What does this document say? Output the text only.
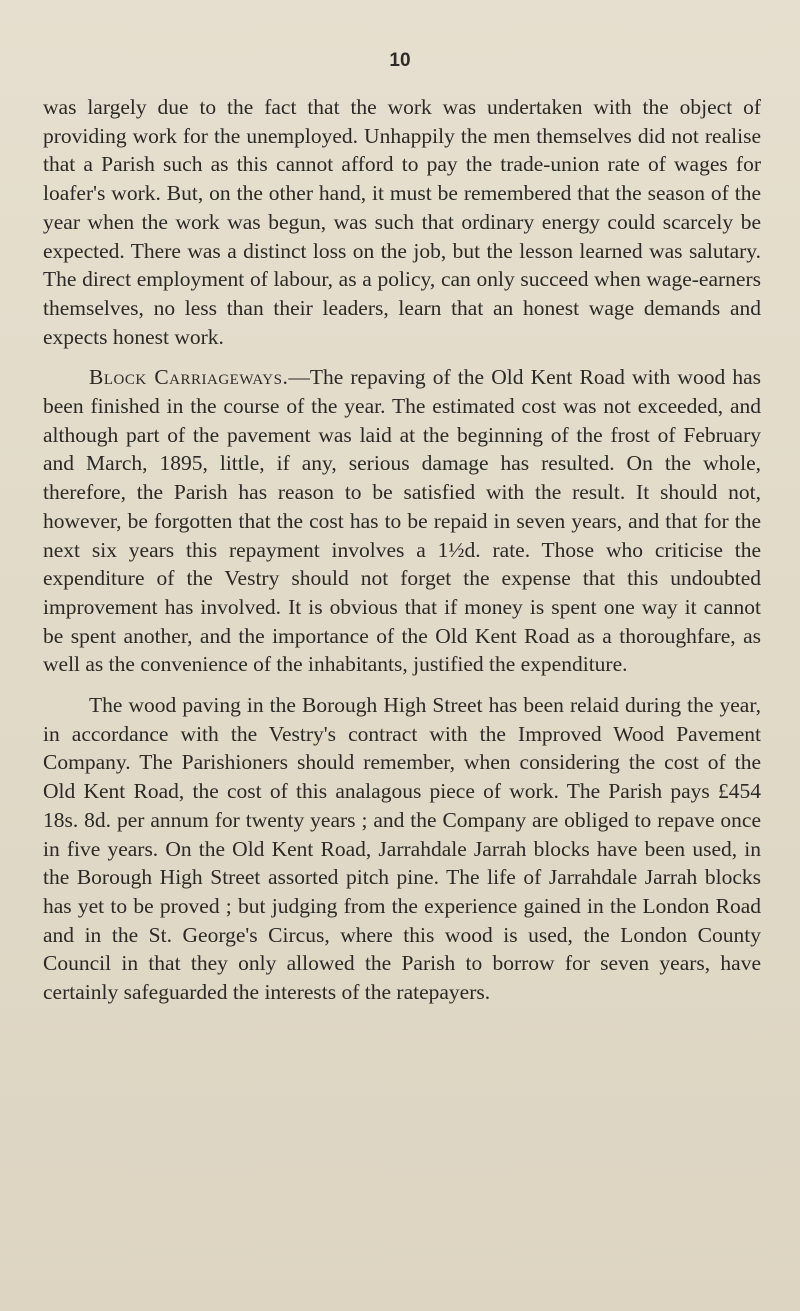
10

was largely due to the fact that the work was undertaken with the object of providing work for the unemployed. Unhappily the men themselves did not realise that a Parish such as this cannot afford to pay the trade-union rate of wages for loafer's work. But, on the other hand, it must be remembered that the season of the year when the work was begun, was such that ordinary energy could scarcely be expected. There was a distinct loss on the job, but the lesson learned was salutary. The direct employment of labour, as a policy, can only succeed when wage-earners themselves, no less than their leaders, learn that an honest wage demands and expects honest work.

Block Carriageways.—The repaving of the Old Kent Road with wood has been finished in the course of the year. The estimated cost was not exceeded, and although part of the pavement was laid at the beginning of the frost of February and March, 1895, little, if any, serious damage has resulted. On the whole, therefore, the Parish has reason to be satisfied with the result. It should not, however, be forgotten that the cost has to be repaid in seven years, and that for the next six years this repayment involves a 1½d. rate. Those who criticise the expenditure of the Vestry should not forget the expense that this undoubted improvement has involved. It is obvious that if money is spent one way it cannot be spent another, and the importance of the Old Kent Road as a thoroughfare, as well as the convenience of the inhabitants, justified the expenditure.

The wood paving in the Borough High Street has been relaid during the year, in accordance with the Vestry's contract with the Improved Wood Pavement Company. The Parishioners should remember, when considering the cost of the Old Kent Road, the cost of this analagous piece of work. The Parish pays £454 18s. 8d. per annum for twenty years ; and the Company are obliged to repave once in five years. On the Old Kent Road, Jarrahdale Jarrah blocks have been used, in the Borough High Street assorted pitch pine. The life of Jarrahdale Jarrah blocks has yet to be proved ; but judging from the experience gained in the London Road and in the St. George's Circus, where this wood is used, the London County Council in that they only allowed the Parish to borrow for seven years, have certainly safeguarded the interests of the ratepayers.
